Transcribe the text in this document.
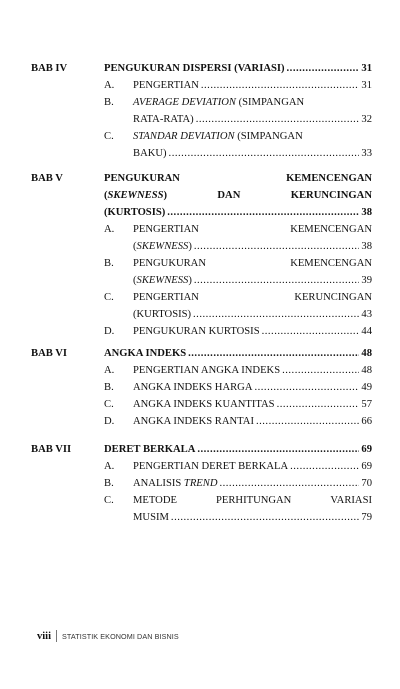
BAB IV	PENGUKURAN DISPERSI (VARIASI) .....	31
A.	PENGERTIAN .....	31
B.	AVERAGE DEVIATION (SIMPANGAN
RATA-RATA) .....	32
C.	STANDAR DEVIATION (SIMPANGAN
BAKU) .....	33
BAB V	PENGUKURAN	KEMENCENGAN
(SKEWNESS)	DAN	KERUNCINGAN
(KURTOSIS) .....	38
A.	PENGERTIAN	KEMENCENGAN
(SKEWNESS) .....	38
B.	PENGUKURAN	KEMENCENGAN
(SKEWNESS) .....	39
C.	PENGERTIAN	KERUNCINGAN
(KURTOSIS) .....	43
D.	PENGUKURAN KURTOSIS .....	44
BAB VI	ANGKA INDEKS .....	48
A.	PENGERTIAN ANGKA INDEKS .....	48
B.	ANGKA INDEKS HARGA .....	49
C.	ANGKA INDEKS KUANTITAS .....	57
D.	ANGKA INDEKS RANTAI .....	66
BAB VII	DERET BERKALA .....	69
A.	PENGERTIAN DERET BERKALA .....	69
B.	ANALISIS TREND .....	70
C.	METODE	PERHITUNGAN	VARIASI
MUSIM .....	79
viii STATISTIK EKONOMI DAN BISNIS
